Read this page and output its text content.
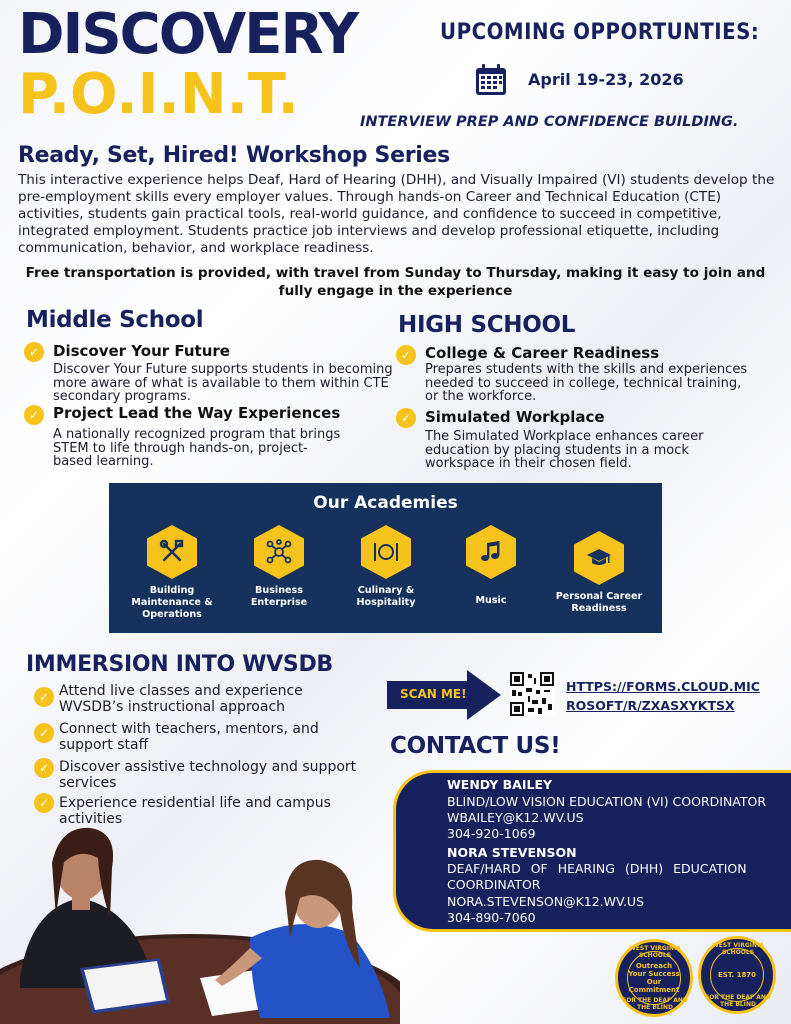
DISCOVERY
P.O.I.N.T.
UPCOMING OPPORTUNTIES:
April 19-23, 2026
INTERVIEW PREP AND CONFIDENCE BUILDING.
Ready, Set, Hired! Workshop Series
This interactive experience helps Deaf, Hard of Hearing (DHH), and Visually Impaired (VI) students develop the pre-employment skills every employer values. Through hands-on Career and Technical Education (CTE) activities, students gain practical tools, real-world guidance, and confidence to succeed in competitive, integrated employment. Students practice job interviews and develop professional etiquette, including communication, behavior, and workplace readiness.
Free transportation is provided, with travel from Sunday to Thursday, making it easy to join and fully engage in the experience
Middle School
✓ Discover Your Future
Discover Your Future supports students in becoming more aware of what is available to them within CTE secondary programs.
✓ Project Lead the Way Experiences
A nationally recognized program that brings STEM to life through hands-on, project-based learning.
HIGH SCHOOL
✓ College & Career Readiness
Prepares students with the skills and experiences needed to succeed in college, technical training, or the workforce.
✓ Simulated Workplace
The Simulated Workplace enhances career education by placing students in a mock workspace in their chosen field.
Our Academies
Building Maintenance & Operations
Business Enterprise
Culinary & Hospitality	Music	Personal Career Readiness
IMMERSION INTO WVSDB
✓ Attend live classes and experience WVSDB’s instructional approach
✓ Connect with teachers, mentors, and support staff
✓ Discover assistive technology and support services
✓ Experience residential life and campus activities
SCAN ME!	HTTPS://FORMS.CLOUD.MICROSOFT/R/ZXASXYKTSX
CONTACT US!
WENDY BAILEY
BLIND/LOW VISION EDUCATION (VI) COORDINATOR
WBAILEY@K12.WV.US
304-920-1069
NORA STEVENSON
DEAF/HARD OF HEARING (DHH) EDUCATION COORDINATOR
NORA.STEVENSON@K12.WV.US
304-890-7060
Outreach Your Success Our Commitment
WEST VIRGINIA SCHOOLS
FOR THE DEAF AND THE BLIND
EST. 1870
WEST VIRGINIA SCHOOLS
FOR THE DEAF AND THE BLIND
